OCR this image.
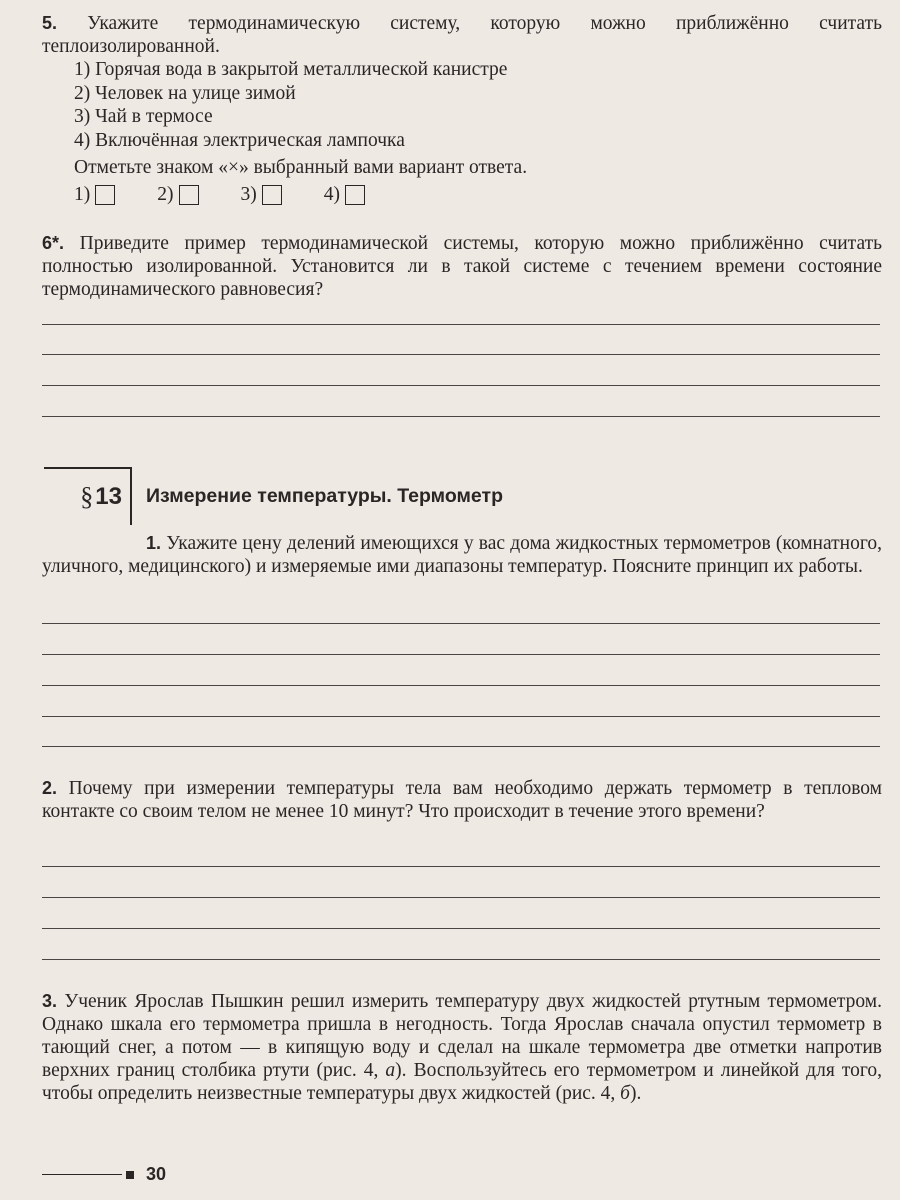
5. Укажите термодинамическую систему, которую можно приближённо считать теплоизолированной.

1) Горячая вода в закрытой металлической канистре
2) Человек на улице зимой
3) Чай в термосе
4) Включённая электрическая лампочка

Отметьте знаком «×» выбранный вами вариант ответа.

1)	2)	3)	4)

6*. Приведите пример термодинамической системы, которую можно приближённо считать полностью изолированной. Установится ли в такой системе с течением времени состояние термодинамического равновесия?

§ 13 Измерение температуры. Термометр

1. Укажите цену делений имеющихся у вас дома жидкостных термометров (комнатного, уличного, медицинского) и измеряемые ими диапазоны температур. Поясните принцип их работы.

2. Почему при измерении температуры тела вам необходимо держать термометр в тепловом контакте со своим телом не менее 10 минут? Что происходит в течение этого времени?

3. Ученик Ярослав Пышкин решил измерить температуру двух жидкостей ртутным термометром. Однако шкала его термометра пришла в негодность. Тогда Ярослав сначала опустил термометр в тающий снег, а потом — в кипящую воду и сделал на шкале термометра две отметки напротив верхних границ столбика ртути (рис. 4, а). Воспользуйтесь его термометром и линейкой для того, чтобы определить неизвестные температуры двух жидкостей (рис. 4, б).

30
